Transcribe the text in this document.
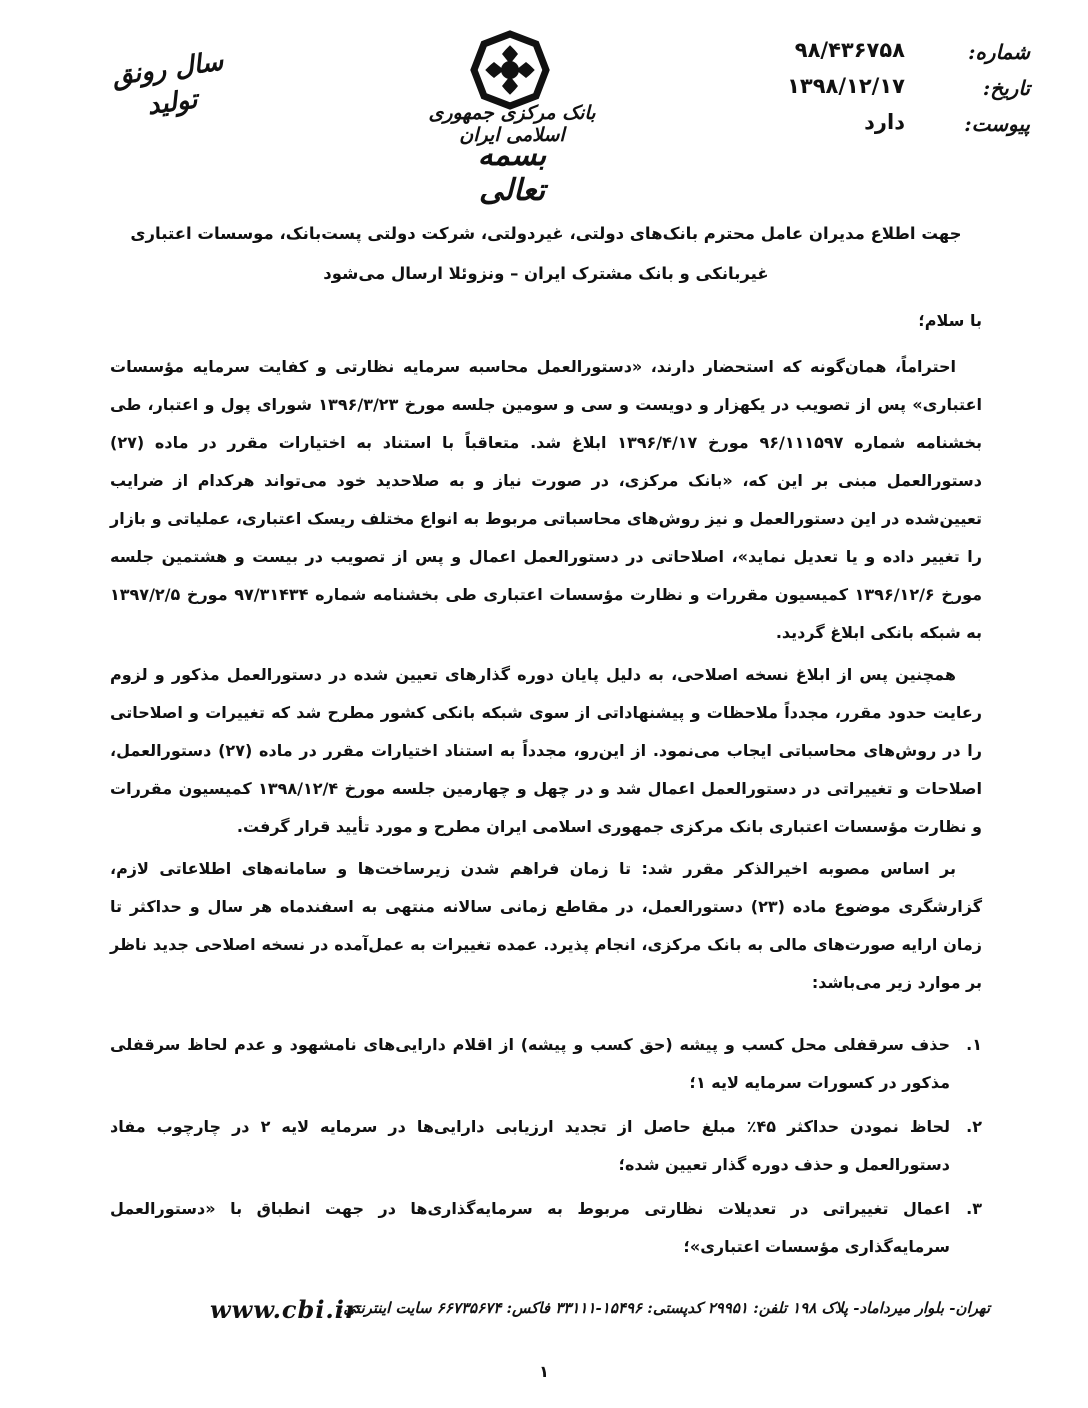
سال رونق
تولید	بانک مرکزی جمهوری اسلامی ایران
بسمه تعالی
شماره:
۹۸/۴۳۶۷۵۸
تاریخ:
۱۳۹۸/۱۲/۱۷
پیوست:
دارد
جهت اطلاع مدیران عامل محترم بانک‌های دولتی، غیردولتی، شرکت دولتی پست‌بانک، موسسات اعتباری غیربانکی و بانک مشترک ایران – ونزوئلا ارسال می‌شود
با سلام؛

احتراماً، همان‌گونه که استحضار دارند، «دستورالعمل محاسبه سرمایه نظارتی و کفایت سرمایه مؤسسات اعتباری» پس از تصویب در یکهزار و دویست و سی و سومین جلسه مورخ ۱۳۹۶/۳/۲۳ شورای پول و اعتبار، طی بخشنامه شماره ۹۶/۱۱۱۵۹۷ مورخ ۱۳۹۶/۴/۱۷ ابلاغ شد. متعاقباً با استناد به اختیارات مقرر در ماده (۲۷) دستورالعمل مبنی بر این که، «بانک مرکزی، در صورت نیاز و به صلاحدید خود می‌تواند هرکدام از ضرایب تعیین‌شده در این دستورالعمل و نیز روش‌های محاسباتی مربوط به انواع مختلف ریسک اعتباری، عملیاتی و بازار را تغییر داده و یا تعدیل نماید»، اصلاحاتی در دستورالعمل اعمال و پس از تصویب در بیست و هشتمین جلسه مورخ ۱۳۹۶/۱۲/۶ کمیسیون مقررات و نظارت مؤسسات اعتباری طی بخشنامه شماره ۹۷/۳۱۴۳۴ مورخ ۱۳۹۷/۲/۵ به شبکه بانکی ابلاغ گردید.

همچنین پس از ابلاغ نسخه اصلاحی، به دلیل پایان دوره گذارهای تعیین شده در دستورالعمل مذکور و لزوم رعایت حدود مقرر، مجدداً ملاحظات و پیشنهاداتی از سوی شبکه بانکی کشور مطرح شد که تغییرات و اصلاحاتی را در روش‌های محاسباتی ایجاب می‌نمود. از این‌رو، مجدداً به استناد اختیارات مقرر در ماده (۲۷) دستورالعمل، اصلاحات و تغییراتی در دستورالعمل اعمال شد و در چهل و چهارمین جلسه مورخ ۱۳۹۸/۱۲/۴ کمیسیون مقررات و نظارت مؤسسات اعتباری بانک مرکزی جمهوری اسلامی ایران مطرح و مورد تأیید قرار گرفت.

بر اساس مصوبه اخیرالذکر مقرر شد: تا زمان فراهم شدن زیرساخت‌ها و سامانه‌های اطلاعاتی لازم، گزارشگری موضوع ماده (۲۳) دستورالعمل، در مقاطع زمانی سالانه منتهی به اسفندماه هر سال و حداکثر تا زمان ارایه صورت‌های مالی به بانک مرکزی، انجام پذیرد. عمده تغییرات به عمل‌آمده در نسخه اصلاحی جدید ناظر بر موارد زیر می‌باشد:

۱.
حذف سرقفلی محل کسب و پیشه (حق کسب و پیشه) از اقلام دارایی‌های نامشهود و عدم لحاظ سرقفلی مذکور در کسورات سرمایه لایه ۱؛
۲.
لحاظ نمودن حداکثر ۴۵٪ مبلغ حاصل از تجدید ارزیابی دارایی‌ها در سرمایه لایه ۲ در چارچوب مفاد دستورالعمل و حذف دوره گذار تعیین شده؛
۳.
اعمال تغییراتی در تعدیلات نظارتی مربوط به سرمایه‌گذاری‌ها در جهت انطباق با «دستورالعمل سرمایه‌گذاری مؤسسات اعتباری»؛
تهران- بلوار میرداماد- پلاک ۱۹۸ تلفن: ۲۹۹۵۱ کدپستی: ۱۵۴۹۶-۳۳۱۱۱ فاکس: ۶۶۷۳۵۶۷۴ سایت اینترنتی:
www.cbi.ir
۱
